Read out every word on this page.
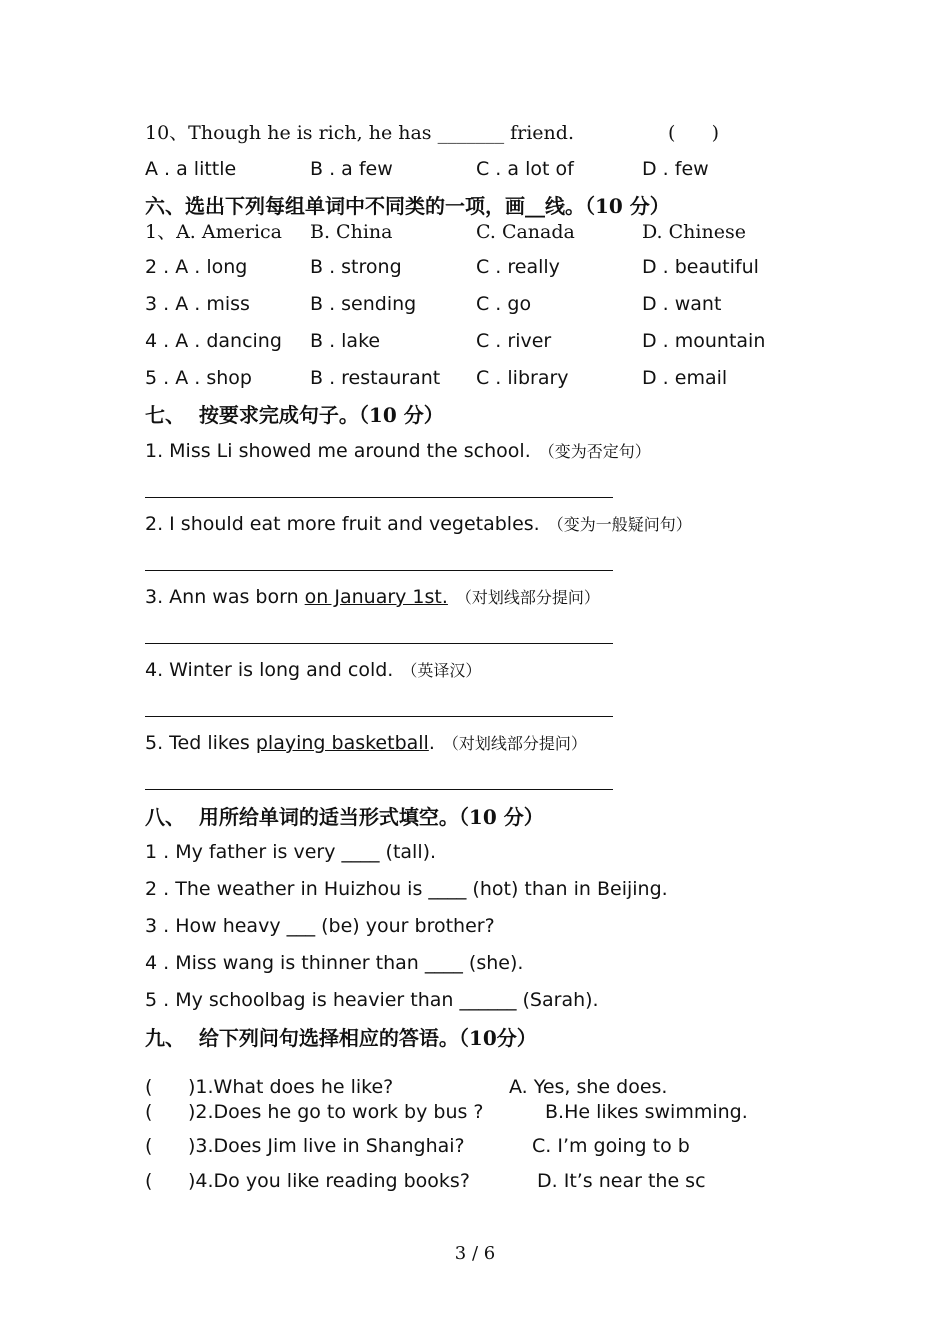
10、Though he is rich, he has _______ friend.	(      )
A . a little	B . a few	C . a lot of	D . few
六、选出下列每组单词中不同类的一项，画__线。（10 分）
1、A. America B. China	C. Canada	D. Chinese
2 . A . long	B . strong	C . really	D . beautiful
3 . A . miss	B . sending	C . go	D . want
4 . A . dancing B . lake	C . river	D . mountain
5 . A . shop	B . restaurant C . library	D . email
七、  按要求完成句子。（10 分）
1. Miss Li showed me around the school. （变为否定句）
2. I should eat more fruit and vegetables. （变为一般疑问句）
3. Ann was born on January 1st. （对划线部分提问）
4. Winter is long and cold. （英译汉）
5. Ted likes playing basketball. （对划线部分提问）
八、  用所给单词的适当形式填空。（10 分）
1 . My father is very ____ (tall).
2 . The weather in Huizhou is ____ (hot) than in Beijing.
3 . How heavy ___ (be) your brother?
4 . Miss wang is thinner than ____ (she).
5 . My schoolbag is heavier than ______ (Sarah).
九、  给下列问句选择相应的答语。（10分）
( )1.What does he like?	A. Yes, she does.
( )2.Does he go to work by bus ?	B.He likes swimming.
( )3.Does Jim live in Shanghai?	C. I’m going to b
( )4.Do you like reading books?	D. It’s near the sc
3 / 6
